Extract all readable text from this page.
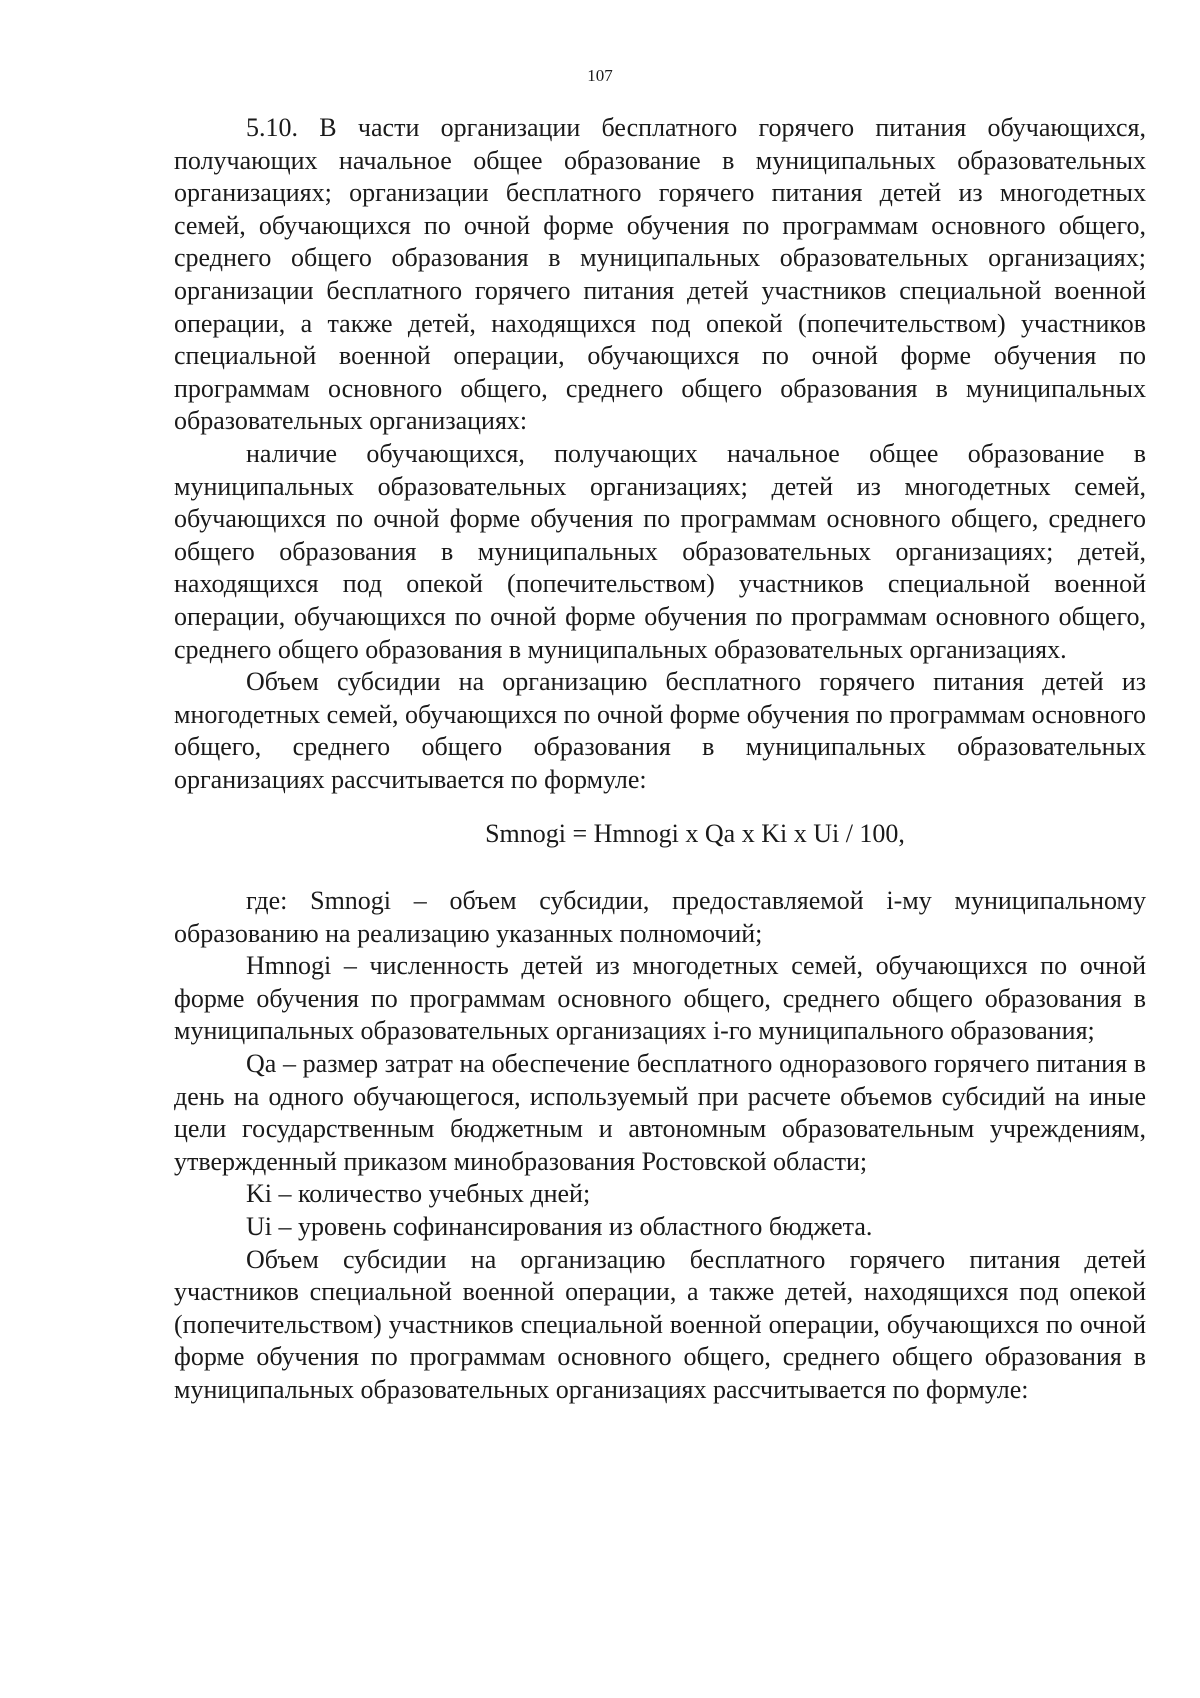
107

5.10. В части организации бесплатного горячего питания обучающихся, получающих начальное общее образование в муниципальных образовательных организациях; организации бесплатного горячего питания детей из многодетных семей, обучающихся по очной форме обучения по программам основного общего, среднего общего образования в муниципальных образовательных организациях; организации бесплатного горячего питания детей участников специальной военной операции, а также детей, находящихся под опекой (попечительством) участников специальной военной операции, обучающихся по очной форме обучения по программам основного общего, среднего общего образования в муниципальных образовательных организациях:

наличие обучающихся, получающих начальное общее образование в муниципальных образовательных организациях; детей из многодетных семей, обучающихся по очной форме обучения по программам основного общего, среднего общего образования в муниципальных образовательных организациях; детей, находящихся под опекой (попечительством) участников специальной военной операции, обучающихся по очной форме обучения по программам основного общего, среднего общего образования в муниципальных образовательных организациях.

Объем субсидии на организацию бесплатного горячего питания детей из многодетных семей, обучающихся по очной форме обучения по программам основного общего, среднего общего образования в муниципальных образовательных организациях рассчитывается по формуле:

Smnogi = Hmnogi x Qa x Ki x Ui / 100,

где: Smnogi – объем субсидии, предоставляемой i-му муниципальному образованию на реализацию указанных полномочий;

Hmnogi – численность детей из многодетных семей, обучающихся по очной форме обучения по программам основного общего, среднего общего образования в муниципальных образовательных организациях i-го муниципального образования;

Qa – размер затрат на обеспечение бесплатного одноразового горячего питания в день на одного обучающегося, используемый при расчете объемов субсидий на иные цели государственным бюджетным и автономным образовательным учреждениям, утвержденный приказом минобразования Ростовской области;

Ki – количество учебных дней;

Ui – уровень софинансирования из областного бюджета.

Объем субсидии на организацию бесплатного горячего питания детей участников специальной военной операции, а также детей, находящихся под опекой (попечительством) участников специальной военной операции, обучающихся по очной форме обучения по программам основного общего, среднего общего образования в муниципальных образовательных организациях рассчитывается по формуле:
